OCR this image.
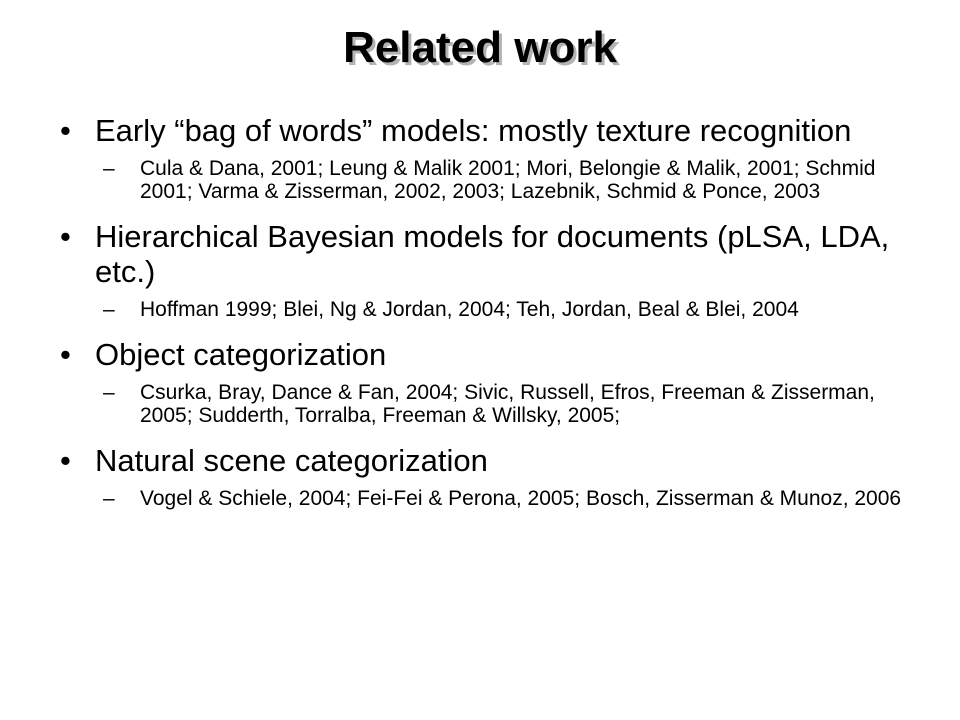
Related work
• Early “bag of words” models: mostly texture recognition
– Cula & Dana, 2001; Leung & Malik 2001; Mori, Belongie & Malik, 2001; Schmid 2001; Varma & Zisserman, 2002, 2003; Lazebnik, Schmid & Ponce, 2003
• Hierarchical Bayesian models for documents (pLSA, LDA, etc.)
– Hoffman 1999; Blei, Ng & Jordan, 2004; Teh, Jordan, Beal & Blei, 2004
• Object categorization
– Csurka, Bray, Dance & Fan, 2004; Sivic, Russell, Efros, Freeman & Zisserman, 2005; Sudderth, Torralba, Freeman & Willsky, 2005;
• Natural scene categorization
– Vogel & Schiele, 2004; Fei-Fei & Perona, 2005; Bosch, Zisserman & Munoz, 2006
